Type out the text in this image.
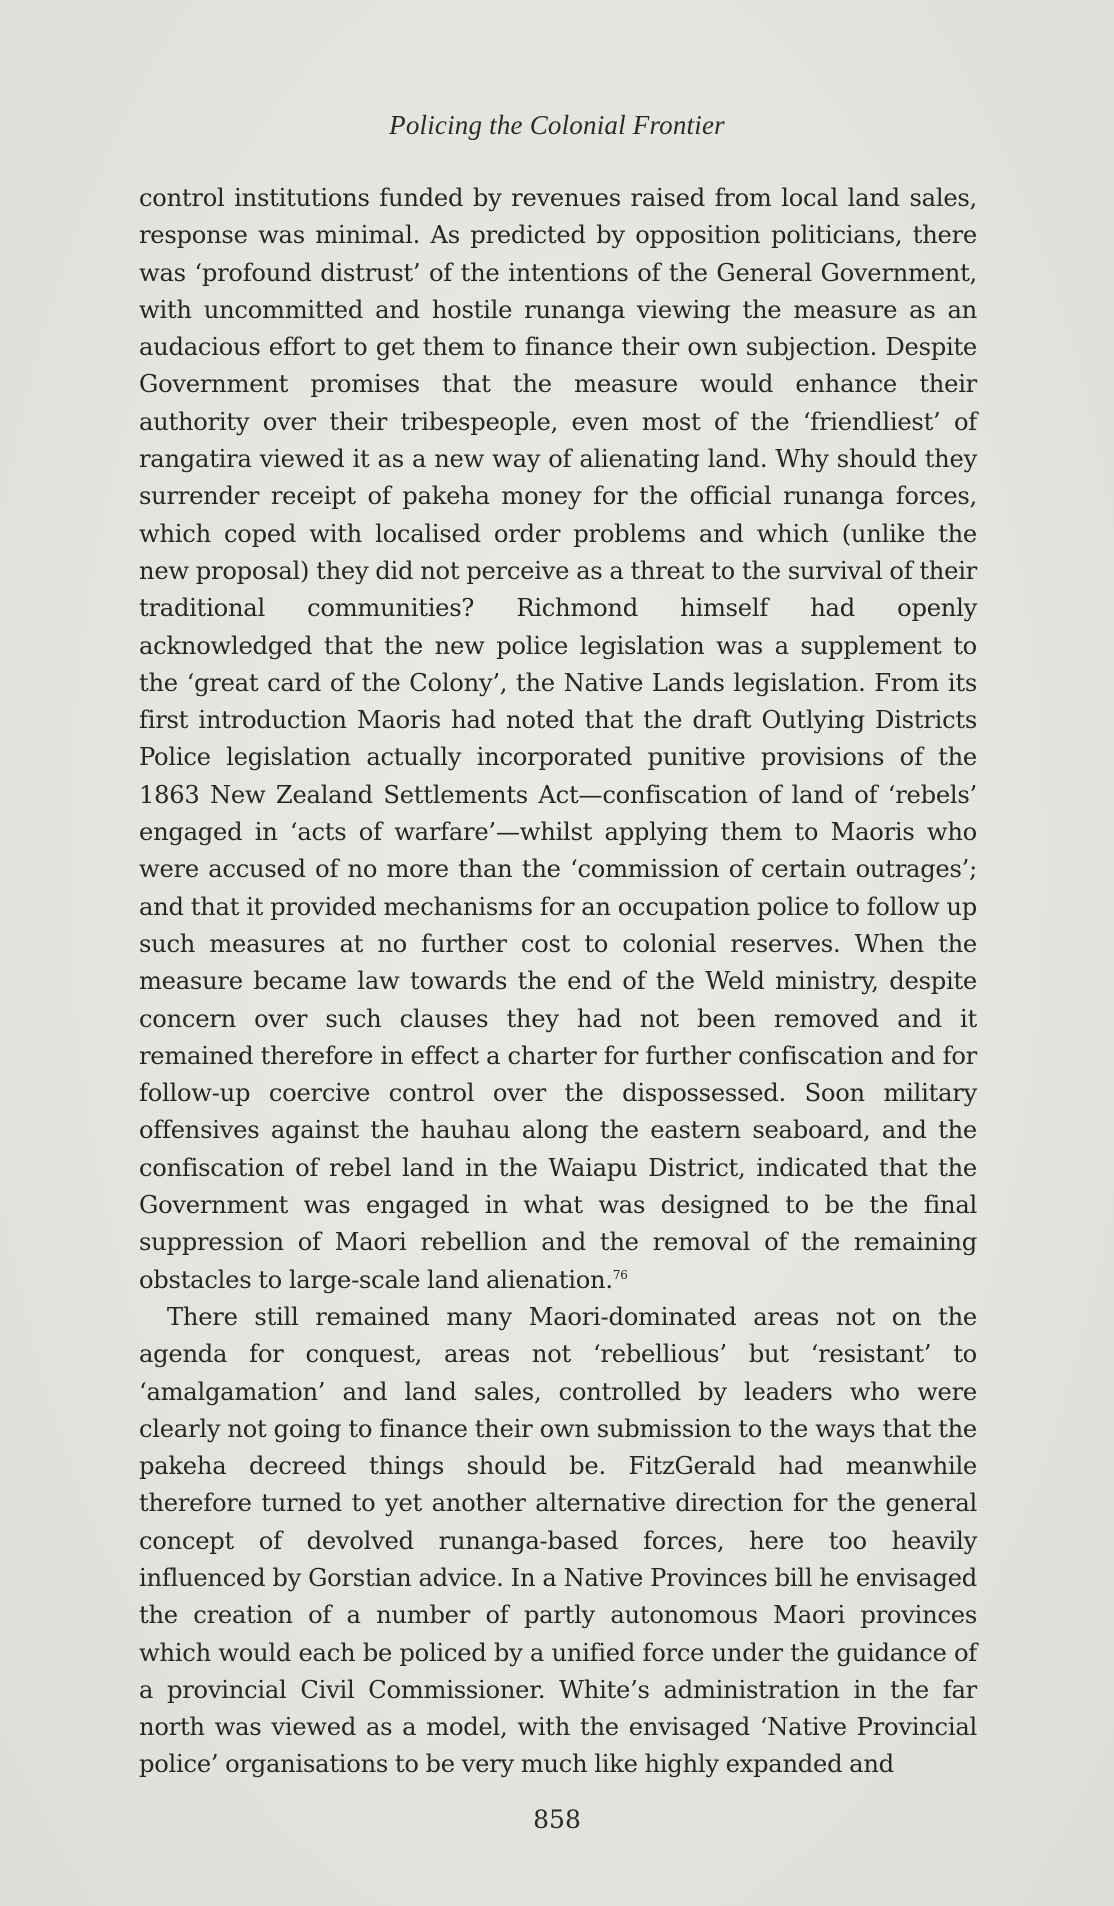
Policing the Colonial Frontier

control institutions funded by revenues raised from local land sales, response was minimal. As predicted by opposition politicians, there was ‘profound distrust’ of the intentions of the General Government, with uncommitted and hostile runanga viewing the measure as an audacious effort to get them to finance their own subjection. Despite Government promises that the measure would enhance their authority over their tribespeople, even most of the ‘friendliest’ of rangatira viewed it as a new way of alienating land. Why should they surrender receipt of pakeha money for the official runanga forces, which coped with localised order problems and which (unlike the new proposal) they did not perceive as a threat to the survival of their traditional communities? Richmond himself had openly acknowledged that the new police legislation was a supplement to the ‘great card of the Colony’, the Native Lands legislation. From its first introduction Maoris had noted that the draft Outlying Districts Police legislation actually incorporated punitive provisions of the 1863 New Zealand Settlements Act—confiscation of land of ‘rebels’ engaged in ‘acts of warfare’—whilst applying them to Maoris who were accused of no more than the ‘commission of certain outrages’; and that it provided mechanisms for an occupation police to follow up such measures at no further cost to colonial reserves. When the measure became law towards the end of the Weld ministry, despite concern over such clauses they had not been removed and it remained therefore in effect a charter for further confiscation and for follow-up coercive control over the dispossessed. Soon military offensives against the hauhau along the eastern seaboard, and the confiscation of rebel land in the Waiapu District, indicated that the Government was engaged in what was designed to be the final suppression of Maori rebellion and the removal of the remaining obstacles to large-scale land alienation.$^{76}$

There still remained many Maori-dominated areas not on the agenda for conquest, areas not ‘rebellious’ but ‘resistant’ to ‘amalgamation’ and land sales, controlled by leaders who were clearly not going to finance their own submission to the ways that the pakeha decreed things should be. FitzGerald had meanwhile therefore turned to yet another alternative direction for the general concept of devolved runanga-based forces, here too heavily influenced by Gorstian advice. In a Native Provinces bill he envisaged the creation of a number of partly autonomous Maori provinces which would each be policed by a unified force under the guidance of a provincial Civil Commissioner. White’s administration in the far north was viewed as a model, with the envisaged ‘Native Provincial police’ organisations to be very much like highly expanded and

858
